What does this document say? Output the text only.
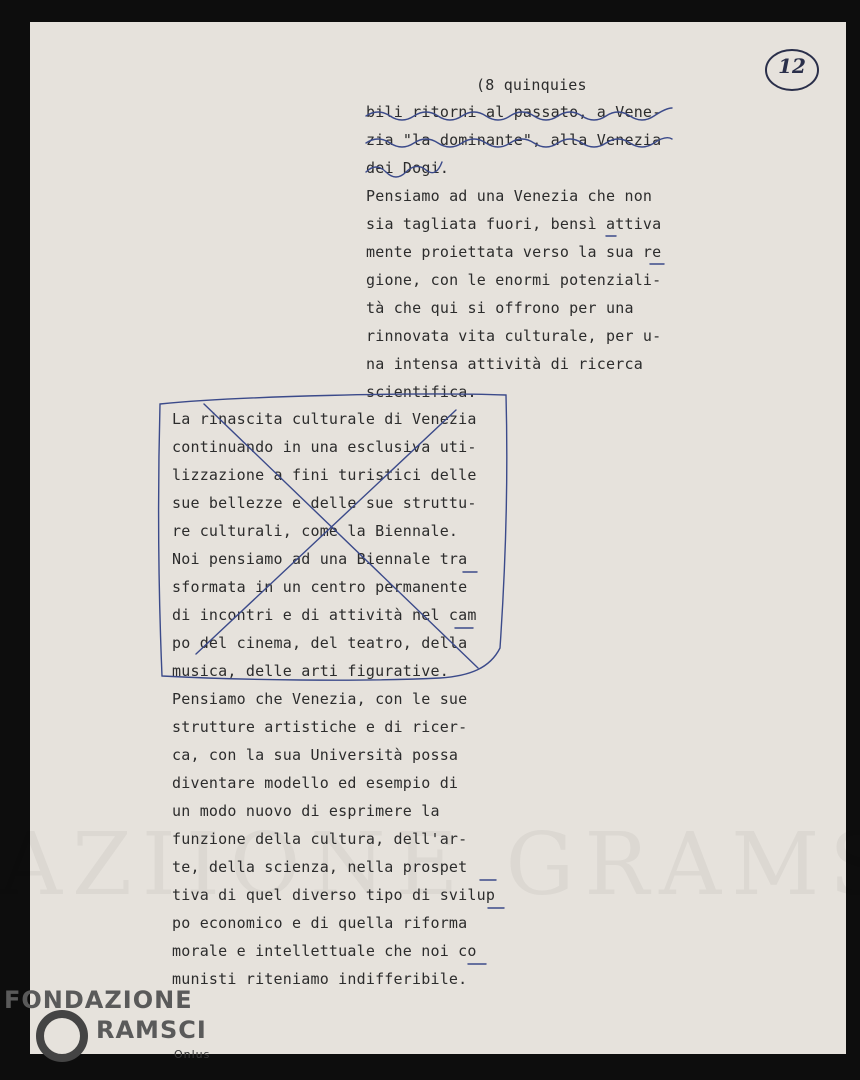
12
(8 quinquies
bili ritorni al passato, a Vene-
zia "la dominante", alla Venezia
dei Dogi.
Pensiamo ad una Venezia che non
sia tagliata fuori, bensì attiva
mente proiettata verso la sua re
gione, con le enormi potenziali-
tà che qui si offrono per una
rinnovata vita culturale, per u-
na intensa attività di ricerca
scientifica.
La rinascita culturale di Venezia
continuando in una esclusiva uti-
lizzazione a fini turistici delle
sue bellezze e delle sue struttu-
re culturali, come la Biennale.
Noi pensiamo ad una Biennale tra
sformata in un centro permanente
di incontri e di attività nel cam
po del cinema, del teatro, della
musica, delle arti figurative.
Pensiamo che Venezia, con le sue
strutture artistiche e di ricer-
ca, con la sua Università possa
diventare modello ed esempio di
un modo nuovo di esprimere la
funzione della cultura, dell'ar-
te, della scienza, nella prospet
tiva di quel diverso tipo di svilup
po economico e di quella riforma
morale e intellettuale che noi co
munisti riteniamo indifferibile.
FONDAZIONE
RAMSCI
Onlus
